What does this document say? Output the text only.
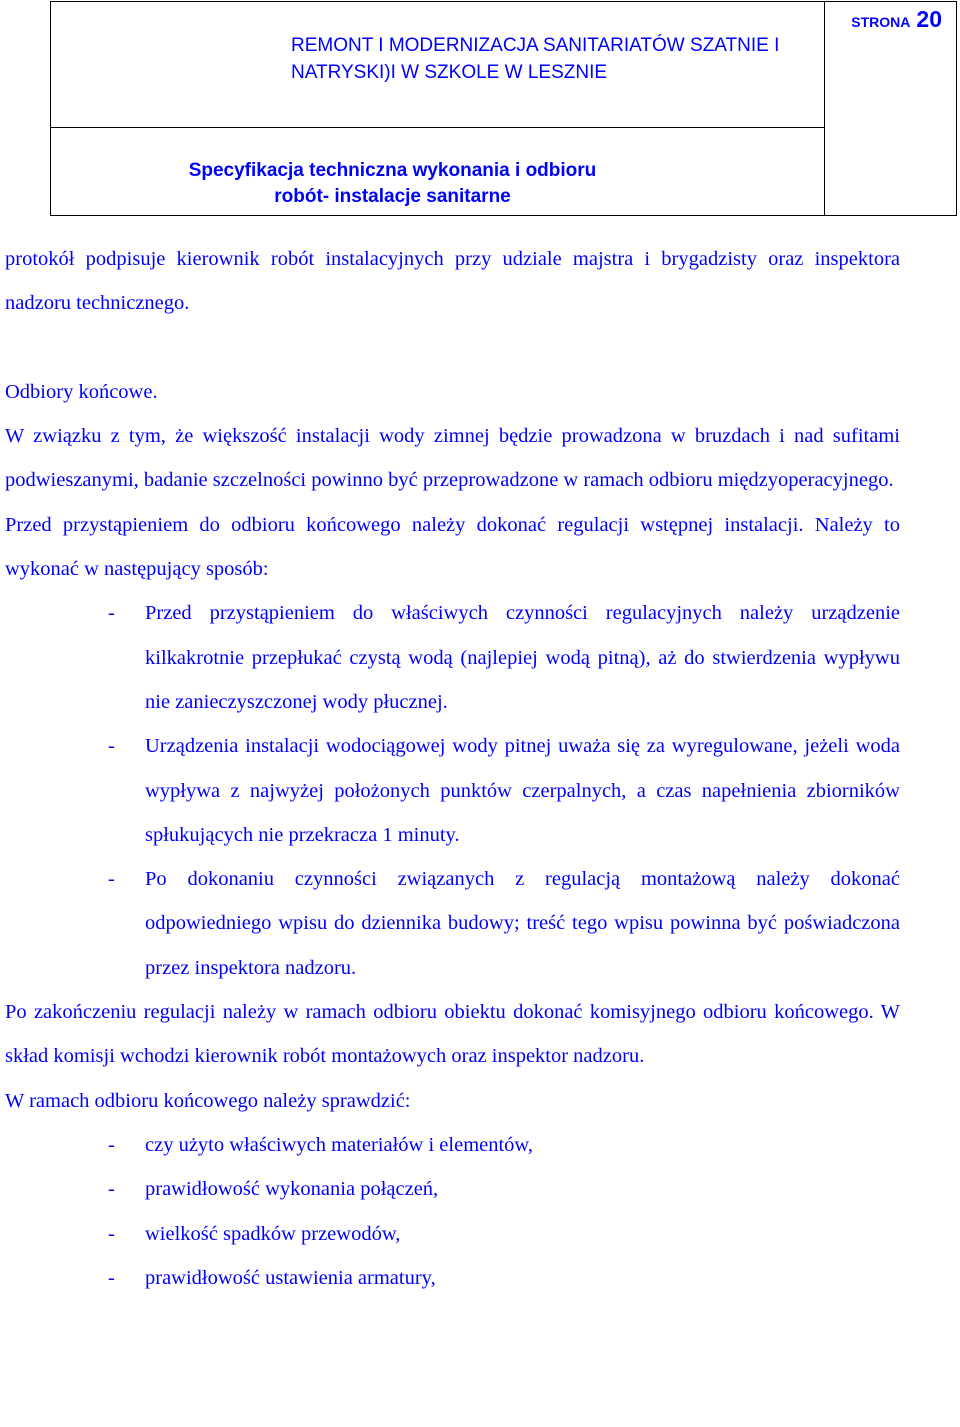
REMONT I MODERNIZACJA SANITARIATÓW SZATNIE I
NATRYSKI)I W SZKOLE W LESZNIE
	STRONA 20

Specyfikacja techniczna wykonania i odbioru
robót- instalacje sanitarne

protokół podpisuje kierownik robót instalacyjnych przy udziale majstra i brygadzisty oraz inspektora nadzoru technicznego.

Odbiory końcowe.

W związku z tym, że większość instalacji wody zimnej będzie prowadzona w bruzdach i nad sufitami podwieszanymi, badanie szczelności powinno być przeprowadzone w ramach odbioru międzyoperacyjnego.

Przed przystąpieniem do odbioru końcowego należy dokonać regulacji wstępnej instalacji. Należy to wykonać w następujący sposób:

- Przed przystąpieniem do właściwych czynności regulacyjnych należy urządzenie kilkakrotnie przepłukać czystą wodą (najlepiej wodą pitną), aż do stwierdzenia wypływu nie zanieczyszczonej wody płucznej.
- Urządzenia instalacji wodociągowej wody pitnej uważa się za wyregulowane, jeżeli woda wypływa z najwyżej położonych punktów czerpalnych, a czas napełnienia zbiorników spłukujących nie przekracza 1 minuty.
- Po dokonaniu czynności związanych z regulacją montażową należy dokonać odpowiedniego wpisu do dziennika budowy; treść tego wpisu powinna być poświadczona przez inspektora nadzoru.

Po zakończeniu regulacji należy w ramach odbioru obiektu dokonać komisyjnego odbioru końcowego. W skład komisji wchodzi kierownik robót montażowych oraz inspektor nadzoru.

W ramach odbioru końcowego należy sprawdzić:

- czy użyto właściwych materiałów i elementów,
- prawidłowość wykonania połączeń,
- wielkość spadków przewodów,
- prawidłowość ustawienia armatury,
